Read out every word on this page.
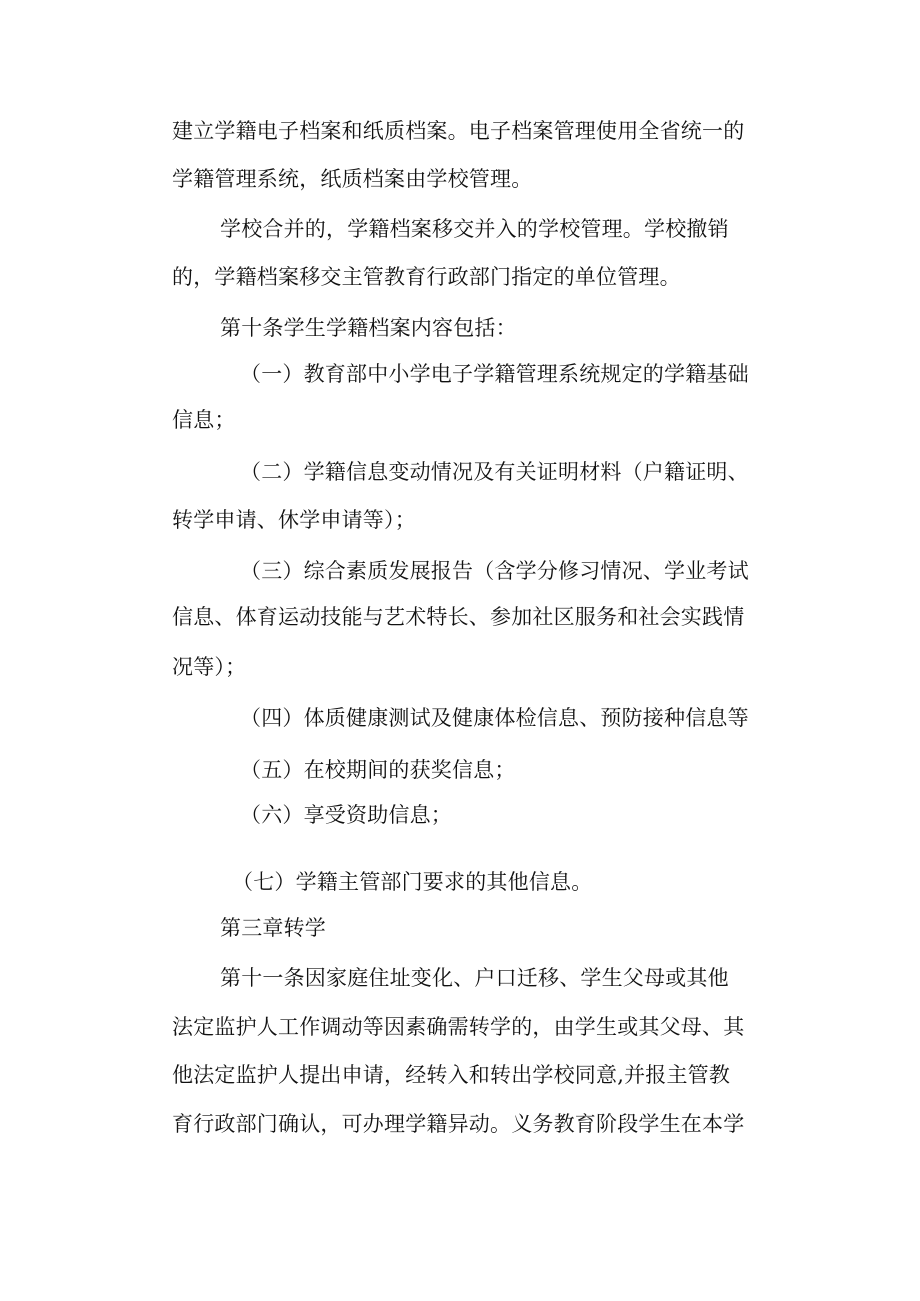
建立学籍电子档案和纸质档案。电子档案管理使用全省统一的
学籍管理系统，纸质档案由学校管理。
学校合并的，学籍档案移交并入的学校管理。学校撤销
的，学籍档案移交主管教育行政部门指定的单位管理。
第十条学生学籍档案内容包括：
（一）教育部中小学电子学籍管理系统规定的学籍基础
信息；
（二）学籍信息变动情况及有关证明材料（户籍证明、
转学申请、休学申请等）；
（三）综合素质发展报告（含学分修习情况、学业考试
信息、体育运动技能与艺术特长、参加社区服务和社会实践情
况等）；
（四）体质健康测试及健康体检信息、预防接种信息等
（五）在校期间的获奖信息；
（六）享受资助信息；
（七）学籍主管部门要求的其他信息。
第三章转学
第十一条因家庭住址变化、户口迁移、学生父母或其他
法定监护人工作调动等因素确需转学的，由学生或其父母、其
他法定监护人提出申请，经转入和转出学校同意,并报主管教
育行政部门确认，可办理学籍异动。义务教育阶段学生在本学
